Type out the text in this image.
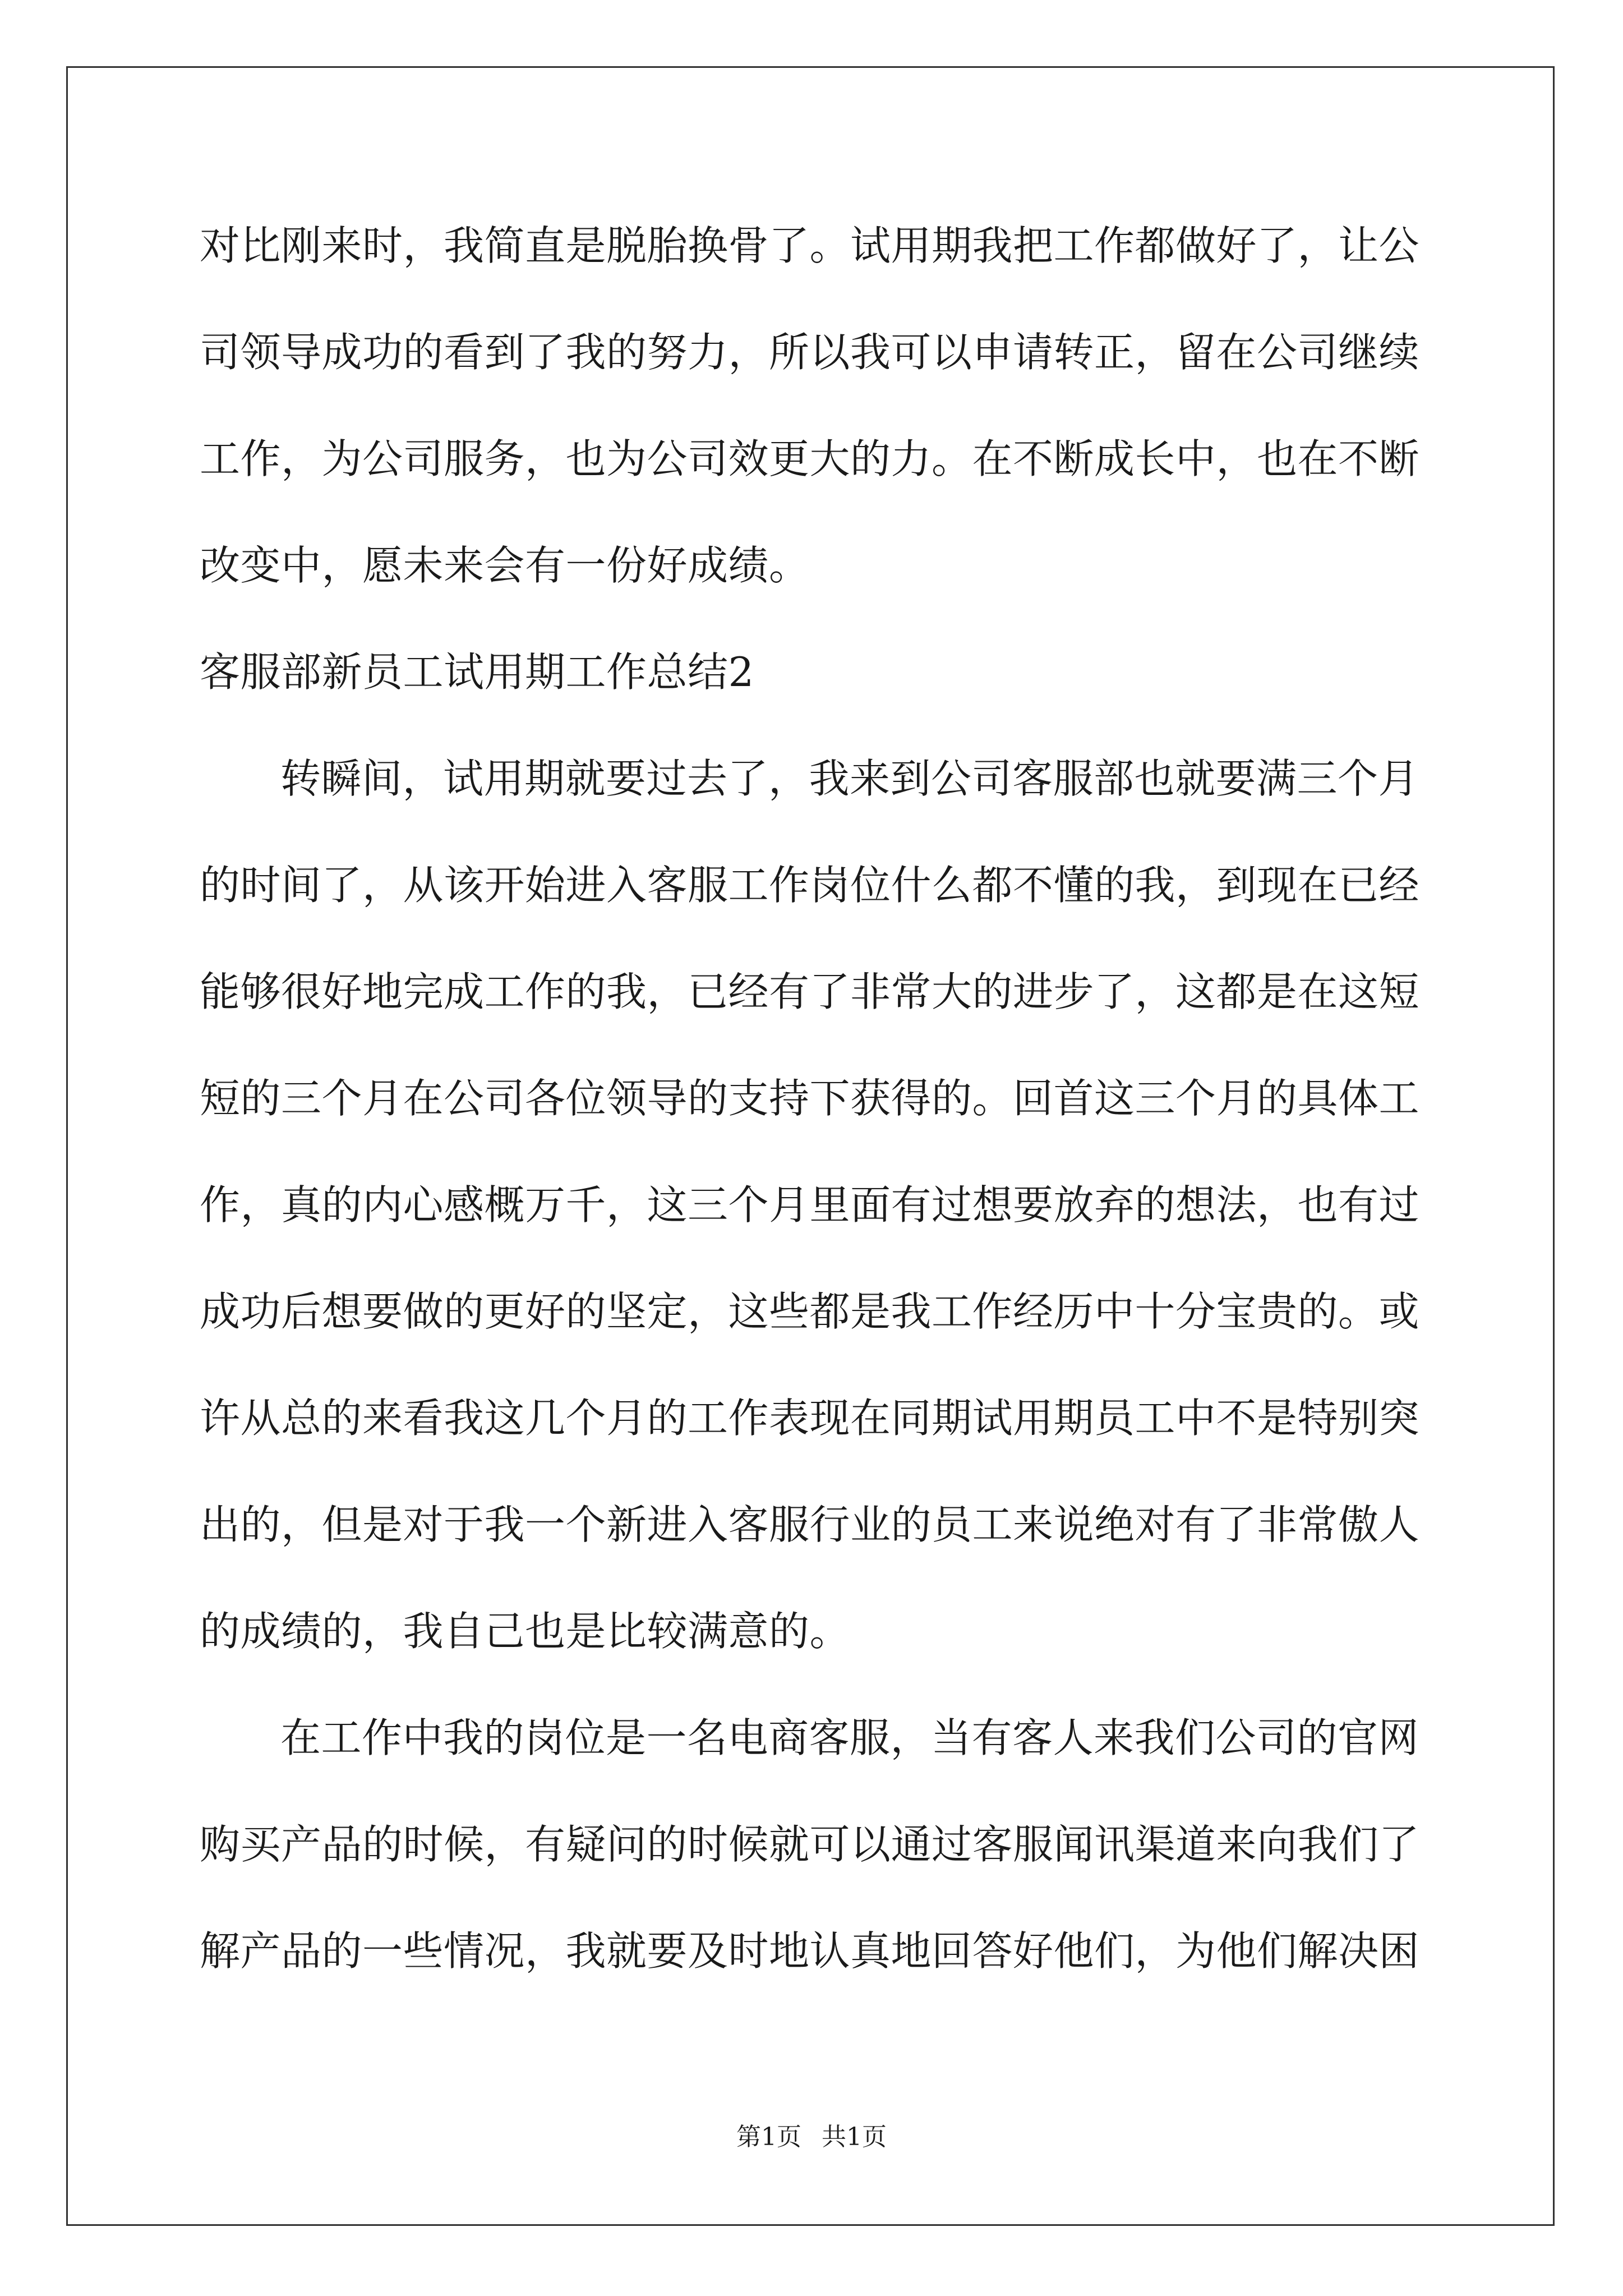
对比刚来时，我简直是脱胎换骨了。试用期我把工作都做好了，让公
司领导成功的看到了我的努力，所以我可以申请转正，留在公司继续
工作，为公司服务，也为公司效更大的力。在不断成长中，也在不断
改变中，愿未来会有一份好成绩。
客服部新员工试用期工作总结2
转瞬间，试用期就要过去了，我来到公司客服部也就要满三个月
的时间了，从该开始进入客服工作岗位什么都不懂的我，到现在已经
能够很好地完成工作的我，已经有了非常大的进步了，这都是在这短
短的三个月在公司各位领导的支持下获得的。回首这三个月的具体工
作，真的内心感概万千，这三个月里面有过想要放弃的想法，也有过
成功后想要做的更好的坚定，这些都是我工作经历中十分宝贵的。或
许从总的来看我这几个月的工作表现在同期试用期员工中不是特别突
出的，但是对于我一个新进入客服行业的员工来说绝对有了非常傲人
的成绩的，我自己也是比较满意的。
在工作中我的岗位是一名电商客服，当有客人来我们公司的官网
购买产品的时候，有疑问的时候就可以通过客服闻讯渠道来向我们了
解产品的一些情况，我就要及时地认真地回答好他们，为他们解决困
第1页 共1页
